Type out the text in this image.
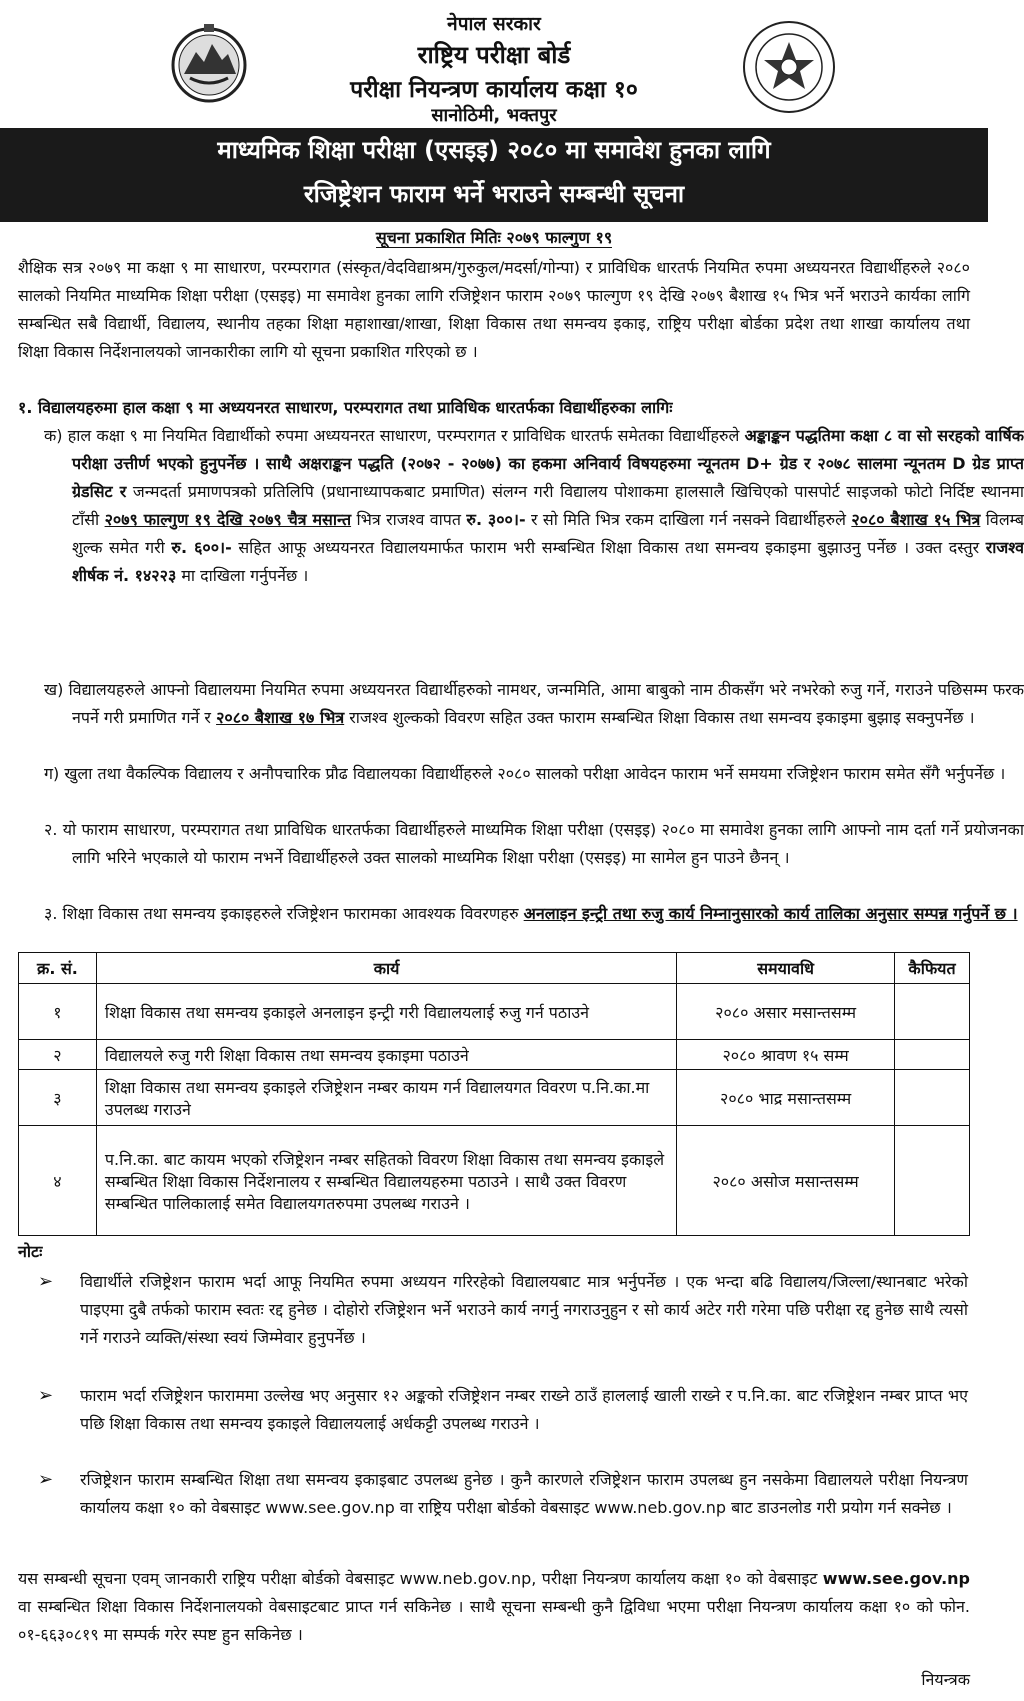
नेपाल सरकार
राष्ट्रिय परीक्षा बोर्ड
परीक्षा नियन्त्रण कार्यालय कक्षा १०
सानोठिमी, भक्तपुर
माध्यमिक शिक्षा परीक्षा (एसइइ) २०८० मा समावेश हुनका लागि
रजिष्ट्रेशन फाराम भर्ने भराउने सम्बन्धी सूचना
सूचना प्रकाशित मितिः २०७९ फाल्गुण १९
शैक्षिक सत्र २०७९ मा कक्षा ९ मा साधारण, परम्परागत (संस्कृत/वेदविद्याश्रम/गुरुकुल/मदर्सा/गोन्पा) र प्राविधिक धारतर्फ नियमित रुपमा अध्ययनरत विद्यार्थीहरुले २०८० सालको नियमित माध्यमिक शिक्षा परीक्षा (एसइइ) मा समावेश हुनका लागि रजिष्ट्रेशन फाराम २०७९ फाल्गुण १९ देखि २०७९ बैशाख १५ भित्र भर्ने भराउने कार्यका लागि सम्बन्धित सबै विद्यार्थी, विद्यालय, स्थानीय तहका शिक्षा महाशाखा/शाखा, शिक्षा विकास तथा समन्वय इकाइ, राष्ट्रिय परीक्षा बोर्डका प्रदेश तथा शाखा कार्यालय तथा शिक्षा विकास निर्देशनालयको जानकारीका लागि यो सूचना प्रकाशित गरिएको छ ।
१. विद्यालयहरुमा हाल कक्षा ९ मा अध्ययनरत साधारण, परम्परागत तथा प्राविधिक धारतर्फका विद्यार्थीहरुका लागिः
क) हाल कक्षा ९ मा नियमित विद्यार्थीको रुपमा अध्ययनरत साधारण, परम्परागत र प्राविधिक धारतर्फ समेतका विद्यार्थीहरुले अङ्काङ्कन पद्धतिमा कक्षा ८ वा सो सरहको वार्षिक परीक्षा उत्तीर्ण भएको हुनुपर्नेछ । साथै अक्षराङ्कन पद्धति (२०७२ - २०७७) का हकमा अनिवार्य विषयहरुमा न्यूनतम D+ ग्रेड र २०७८ सालमा न्यूनतम D ग्रेड प्राप्त ग्रेडसिट र जन्मदर्ता प्रमाणपत्रको प्रतिलिपि (प्रधानाध्यापकबाट प्रमाणित) संलग्न गरी विद्यालय पोशाकमा हालसालै खिचिएको पासपोर्ट साइजको फोटो निर्दिष्ट स्थानमा टाँसी २०७९ फाल्गुण १९ देखि २०७९ चैत्र मसान्त भित्र राजश्व वापत रु. ३००।- र सो मिति भित्र रकम दाखिला गर्न नसक्ने विद्यार्थीहरुले २०८० बैशाख १५ भित्र विलम्ब शुल्क समेत गरी रु. ६००।- सहित आफू अध्ययनरत विद्यालयमार्फत फाराम भरी सम्बन्धित शिक्षा विकास तथा समन्वय इकाइमा बुझाउनु पर्नेछ । उक्त दस्तुर राजश्व शीर्षक नं. १४२२३ मा दाखिला गर्नुपर्नेछ ।
ख) विद्यालयहरुले आफ्नो विद्यालयमा नियमित रुपमा अध्ययनरत विद्यार्थीहरुको नामथर, जन्ममिति, आमा बाबुको नाम ठीकसँग भरे नभरेको रुजु गर्ने, गराउने पछिसम्म फरक नपर्ने गरी प्रमाणित गर्ने र २०८० बैशाख १७ भित्र राजश्व शुल्कको विवरण सहित उक्त फाराम सम्बन्धित शिक्षा विकास तथा समन्वय इकाइमा बुझाइ सक्नुपर्नेछ ।
ग) खुला तथा वैकल्पिक विद्यालय र अनौपचारिक प्रौढ विद्यालयका विद्यार्थीहरुले २०८० सालको परीक्षा आवेदन फाराम भर्ने समयमा रजिष्ट्रेशन फाराम समेत सँगै भर्नुपर्नेछ ।
२. यो फाराम साधारण, परम्परागत तथा प्राविधिक धारतर्फका विद्यार्थीहरुले माध्यमिक शिक्षा परीक्षा (एसइइ) २०८० मा समावेश हुनका लागि आफ्नो नाम दर्ता गर्ने प्रयोजनका लागि भरिने भएकाले यो फाराम नभर्ने विद्यार्थीहरुले उक्त सालको माध्यमिक शिक्षा परीक्षा (एसइइ) मा सामेल हुन पाउने छैनन् ।
३. शिक्षा विकास तथा समन्वय इकाइहरुले रजिष्ट्रेशन फारामका आवश्यक विवरणहरु अनलाइन इन्ट्री तथा रुजु कार्य निम्नानुसारको कार्य तालिका अनुसार सम्पन्न गर्नुपर्ने छ ।
क्र. सं.	कार्य	समयावधि	कैफियत
१	शिक्षा विकास तथा समन्वय इकाइले अनलाइन इन्ट्री गरी विद्यालयलाई रुजु गर्न पठाउने	२०८० असार मसान्तसम्म	
२	विद्यालयले रुजु गरी शिक्षा विकास तथा समन्वय इकाइमा पठाउने	२०८० श्रावण १५ सम्म	
३	शिक्षा विकास तथा समन्वय इकाइले रजिष्ट्रेशन नम्बर कायम गर्न विद्यालयगत विवरण प.नि.का.मा उपलब्ध गराउने	२०८० भाद्र मसान्तसम्म	
४	प.नि.का. बाट कायम भएको रजिष्ट्रेशन नम्बर सहितको विवरण शिक्षा विकास तथा समन्वय इकाइले सम्बन्धित शिक्षा विकास निर्देशनालय र सम्बन्धित विद्यालयहरुमा पठाउने । साथै उक्त विवरण सम्बन्धित पालिकालाई समेत विद्यालयगतरुपमा उपलब्ध गराउने ।	२०८० असोज मसान्तसम्म	
नोटः
➢ विद्यार्थीले रजिष्ट्रेशन फाराम भर्दा आफू नियमित रुपमा अध्ययन गरिरहेको विद्यालयबाट मात्र भर्नुपर्नेछ । एक भन्दा बढि विद्यालय/जिल्ला/स्थानबाट भरेको पाइएमा दुबै तर्फको फाराम स्वतः रद्द हुनेछ । दोहोरो रजिष्ट्रेशन भर्ने भराउने कार्य नगर्नु नगराउनुहुन र सो कार्य अटेर गरी गरेमा पछि परीक्षा रद्द हुनेछ साथै त्यसो गर्ने गराउने व्यक्ति/संस्था स्वयं जिम्मेवार हुनुपर्नेछ ।
➢ फाराम भर्दा रजिष्ट्रेशन फाराममा उल्लेख भए अनुसार १२ अङ्कको रजिष्ट्रेशन नम्बर राख्ने ठाउँ हाललाई खाली राख्ने र प.नि.का. बाट रजिष्ट्रेशन नम्बर प्राप्त भए पछि शिक्षा विकास तथा समन्वय इकाइले विद्यालयलाई अर्धकट्टी उपलब्ध गराउने ।
➢ रजिष्ट्रेशन फाराम सम्बन्धित शिक्षा तथा समन्वय इकाइबाट उपलब्ध हुनेछ । कुनै कारणले रजिष्ट्रेशन फाराम उपलब्ध हुन नसकेमा विद्यालयले परीक्षा नियन्त्रण कार्यालय कक्षा १० को वेबसाइट www.see.gov.np वा राष्ट्रिय परीक्षा बोर्डको वेबसाइट www.neb.gov.np बाट डाउनलोड गरी प्रयोग गर्न सक्नेछ ।
यस सम्बन्धी सूचना एवम् जानकारी राष्ट्रिय परीक्षा बोर्डको वेबसाइट www.neb.gov.np, परीक्षा नियन्त्रण कार्यालय कक्षा १० को वेबसाइट www.see.gov.np वा सम्बन्धित शिक्षा विकास निर्देशनालयको वेबसाइटबाट प्राप्त गर्न सकिनेछ । साथै सूचना सम्बन्धी कुनै द्विविधा भएमा परीक्षा नियन्त्रण कार्यालय कक्षा १० को फोन. ०१-६६३०८१९ मा सम्पर्क गरेर स्पष्ट हुन सकिनेछ ।
नियन्त्रक
